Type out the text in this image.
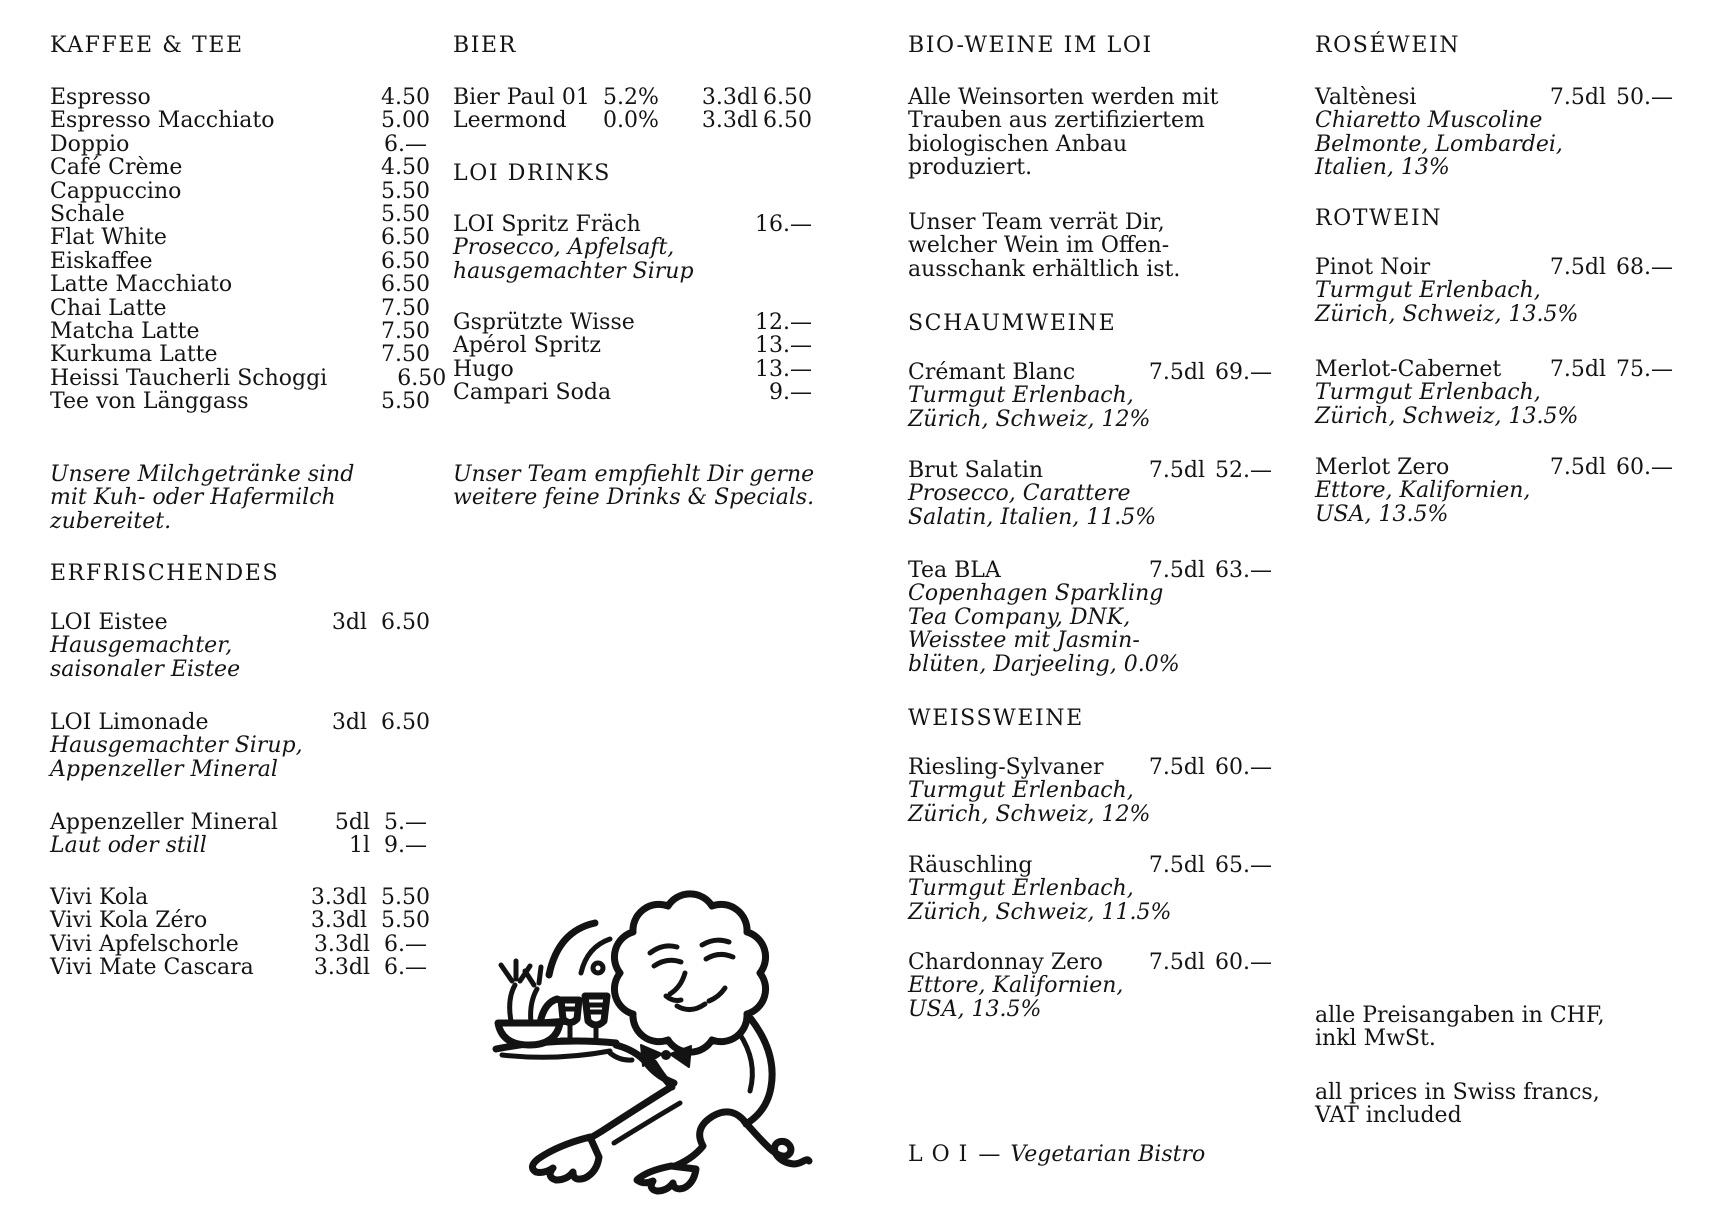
KAFFEE & TEE
Espresso	4.50
Espresso Macchiato	5.00
Doppio	6.—
Café Crème	4.50
Cappuccino	5.50
Schale	5.50
Flat White	6.50
Eiskaffee	6.50
Latte Macchiato	6.50
Chai Latte	7.50
Matcha Latte	7.50
Kurkuma Latte	7.50
Heissi Taucherli Schoggi	6.50
Tee von Länggass	5.50
Unsere Milchgetränke sind
mit Kuh- oder Hafermilch
zubereitet.
ERFRISCHENDES
LOI Eistee	3dl 6.50
Hausgemachter,
saisonaler Eistee
LOI Limonade	3dl 6.50
Hausgemachter Sirup,
Appenzeller Mineral
Appenzeller Mineral	5dl 5.—
Laut oder still	1l 9.—
Vivi Kola	3.3dl 5.50
Vivi Kola Zéro	3.3dl 5.50
Vivi Apfelschorle	3.3dl 6.—
Vivi Mate Cascara	3.3dl 6.—
BIER
Bier Paul 01 5.2% 3.3dl 6.50
Leermond	0.0% 3.3dl 6.50
LOI DRINKS
LOI Spritz Fräch	16.—
Prosecco, Apfelsaft,
hausgemachter Sirup
Gsprützte Wisse	12.—
Apérol Spritz	13.—
Hugo	13.—
Campari Soda	9.—
Unser Team empfiehlt Dir gerne
weitere feine Drinks & Specials.
BIO-WEINE IM LOI
Alle Weinsorten werden mit
Trauben aus zertifiziertem
biologischen Anbau
produziert.
Unser Team verrät Dir,
welcher Wein im Offen-
ausschank erhältlich ist.
SCHAUMWEINE
Crémant Blanc	7.5dl 69.—
Turmgut Erlenbach,
Zürich, Schweiz, 12%
Brut Salatin	7.5dl 52.—
Prosecco, Carattere
Salatin, Italien, 11.5%
Tea BLA	7.5dl 63.—
Copenhagen Sparkling
Tea Company, DNK,
Weisstee mit Jasmin-
blüten, Darjeeling, 0.0%
WEISSWEINE
Riesling-Sylvaner	7.5dl 60.—
Turmgut Erlenbach,
Zürich, Schweiz, 12%
Räuschling	7.5dl 65.—
Turmgut Erlenbach,
Zürich, Schweiz, 11.5%
Chardonnay Zero	7.5dl 60.—
Ettore, Kalifornien,
USA, 13.5%
LOI— Vegetarian Bistro
ROSÉWEIN
Valtènesi	7.5dl 50.—
Chiaretto Muscoline
Belmonte, Lombardei,
Italien, 13%
ROTWEIN
Pinot Noir	7.5dl 68.—
Turmgut Erlenbach,
Zürich, Schweiz, 13.5%
Merlot-Cabernet	7.5dl 75.—
Turmgut Erlenbach,
Zürich, Schweiz, 13.5%
Merlot Zero	7.5dl 60.—
Ettore, Kalifornien,
USA, 13.5%
alle Preisangaben in CHF,
inkl MwSt.
all prices in Swiss francs,
VAT included
